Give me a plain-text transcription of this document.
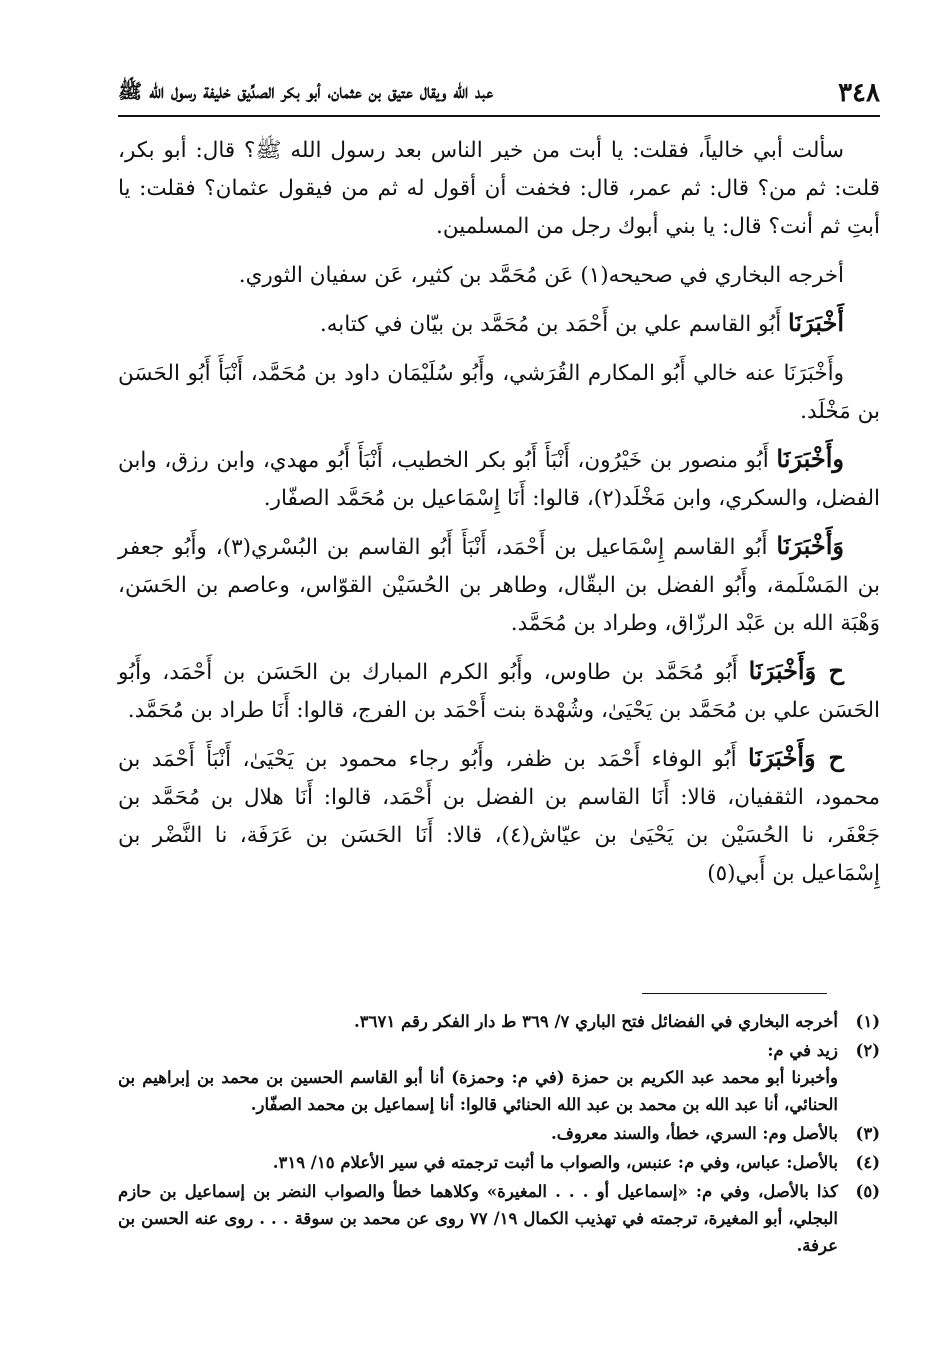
٣٤٨
عبد الله ويقال عتيق بن عثمان، أبو بكر الصدِّيق خليفة رسول الله ﷺ

سألت أبي خالياً، فقلت: يا أبت من خير الناس بعد رسول الله ﷺ؟ قال: أبو بكر، قلت: ثم من؟ قال: ثم عمر، قال: فخفت أن أقول له ثم من فيقول عثمان؟ فقلت: يا أبتِ ثم أنت؟ قال: يا بني أبوك رجل من المسلمين.

أخرجه البخاري في صحيحه(١) عَن مُحَمَّد بن كثير، عَن سفيان الثوري.

أَخْبَرَنَا أَبُو القاسم علي بن أَحْمَد بن مُحَمَّد بن بيّان في كتابه.

وأَخْبَرَنَا عنه خالي أَبُو المكارم القُرَشي، وأَبُو سُلَيْمَان داود بن مُحَمَّد، أَنْبَأَ أَبُو الحَسَن بن مَخْلَد.

وأَخْبَرَنَا أَبُو منصور بن خَيْرُون، أَنْبَأَ أَبُو بكر الخطيب، أَنْبَأَ أَبُو مهدي، وابن رزق، وابن الفضل، والسكري، وابن مَخْلَد(٢)، قالوا: أَنَا إِسْمَاعيل بن مُحَمَّد الصفّار.

وَأَخْبَرَنَا أَبُو القاسم إِسْمَاعيل بن أَحْمَد، أَنْبَأَ أَبُو القاسم بن البُسْري(٣)، وأَبُو جعفر بن المَسْلَمة، وأَبُو الفضل بن البقّال، وطاهر بن الحُسَيْن القوّاس، وعاصم بن الحَسَن، وَهْبَة الله بن عَبْد الرزّاق، وطراد بن مُحَمَّد.

ح وَأَخْبَرَنَا أَبُو مُحَمَّد بن طاوس، وأَبُو الكرم المبارك بن الحَسَن بن أَحْمَد، وأَبُو الحَسَن علي بن مُحَمَّد بن يَحْيَىٰ، وشُهْدة بنت أَحْمَد بن الفرج، قالوا: أَنَا طراد بن مُحَمَّد.

ح وَأَخْبَرَنَا أَبُو الوفاء أَحْمَد بن ظفر، وأَبُو رجاء محمود بن يَحْيَىٰ، أَنْبَأَ أَحْمَد بن محمود، الثقفيان، قالا: أَنَا القاسم بن الفضل بن أَحْمَد، قالوا: أَنَا هلال بن مُحَمَّد بن جَعْفَر، نا الحُسَيْن بن يَحْيَىٰ بن عيّاش(٤)، قالا: أَنَا الحَسَن بن عَرَفَة، نا النَّضْر بن إِسْمَاعيل بن أَبي(٥)

(١)
أخرجه البخاري في الفضائل فتح الباري ٧/ ٣٦٩ ط دار الفكر رقم ٣٦٧١.
(٢)
زيد في م:
وأخبرنا أبو محمد عبد الكريم بن حمزة (في م: وحمزة) أنا أبو القاسم الحسين بن محمد بن إبراهيم بن الحنائي، أنا عبد الله بن محمد بن عبد الله الحنائي قالوا: أنا إسماعيل بن محمد الصفّار.
(٣)
بالأصل وم: السري، خطأ، والسند معروف.
(٤)
بالأصل: عباس، وفي م: عنبس، والصواب ما أثبت ترجمته في سير الأعلام ١٥/ ٣١٩.
(٥)
كذا بالأصل، وفي م: «إسماعيل أو . . . المغيرة» وكلاهما خطأ والصواب النضر بن إسماعيل بن حازم البجلي، أبو المغيرة، ترجمته في تهذيب الكمال ١٩/ ٧٧ روى عن محمد بن سوقة . . . روى عنه الحسن بن عرفة.
